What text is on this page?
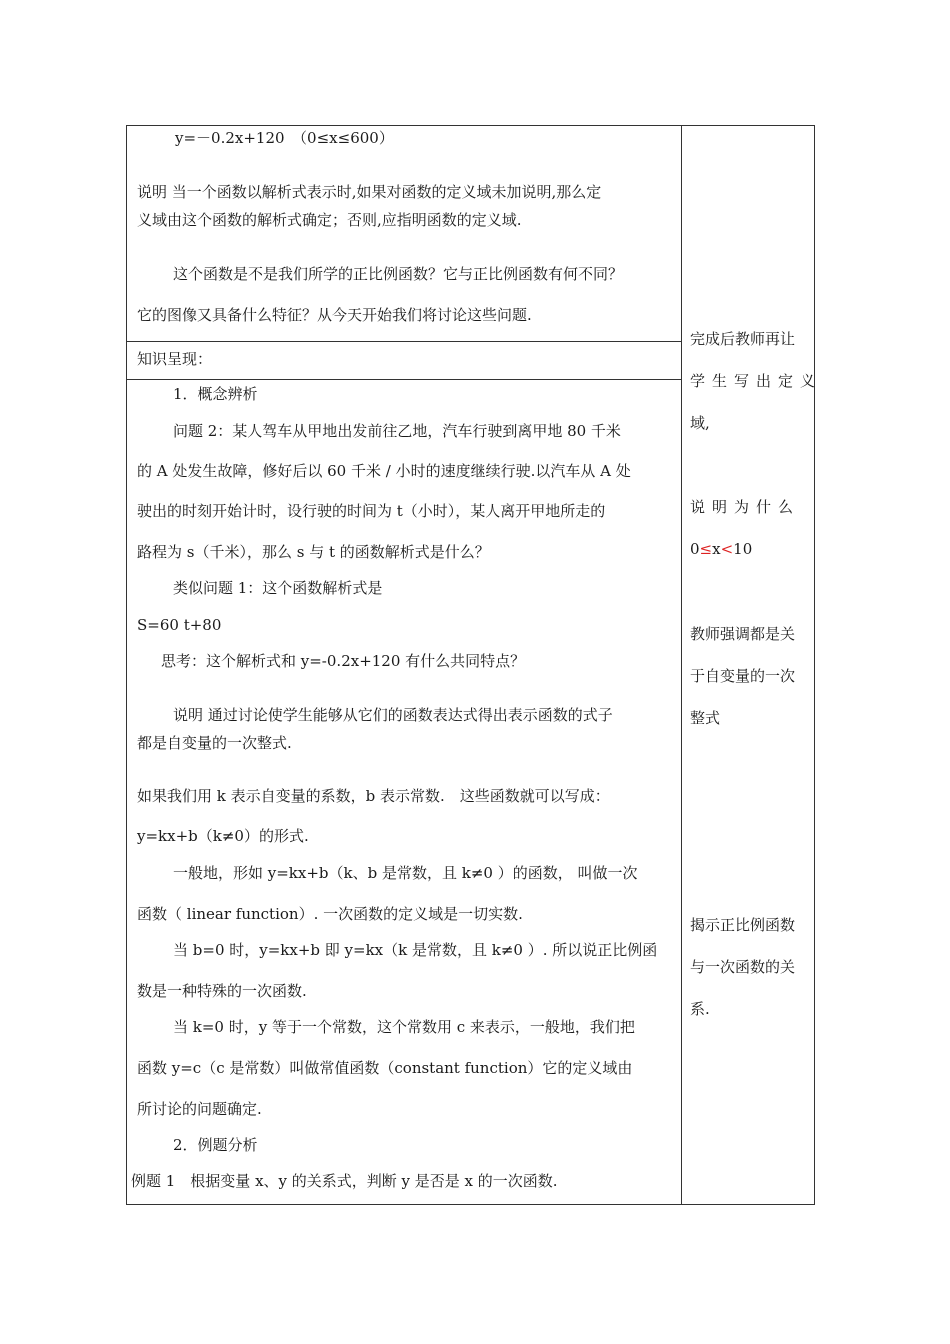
y=－0.2x+120　（0≤x≤600）
说明 当一个函数以解析式表示时,如果对函数的定义域未加说明,那么定
义域由这个函数的解析式确定；否则,应指明函数的定义域.
这个函数是不是我们所学的正比例函数？它与正比例函数有何不同？
它的图像又具备什么特征？从今天开始我们将讨论这些问题.
知识呈现：
1．概念辨析
问题 2：某人驾车从甲地出发前往乙地，汽车行驶到离甲地 80 千米
的 A 处发生故障，修好后以 60 千米 / 小时的速度继续行驶.以汽车从 A 处
驶出的时刻开始计时，设行驶的时间为 t（小时），某人离开甲地所走的
路程为 s（千米），那么 s 与 t 的函数解析式是什么？
类似问题 1：这个函数解析式是
S=60 t+80
思考：这个解析式和 y=-0.2x+120 有什么共同特点？
说明 通过讨论使学生能够从它们的函数表达式得出表示函数的式子
都是自变量的一次整式.
如果我们用 k 表示自变量的系数，b 表示常数.　这些函数就可以写成：
y=kx+b（k≠0）的形式.
一般地，形如 y=kx+b（k、b 是常数，且 k≠0 ）的函数， 叫做一次
函数（ linear function）. 一次函数的定义域是一切实数.
当 b=0 时，y=kx+b 即 y=kx（k 是常数，且 k≠0 ）. 所以说正比例函
数是一种特殊的一次函数.
当 k=0 时，y 等于一个常数，这个常数用 c 来表示，一般地，我们把
函数 y=c（c 是常数）叫做常值函数（constant function）它的定义域由
所讨论的问题确定.
2．例题分析
例题 1　根据变量 x、y 的关系式，判断 y 是否是 x 的一次函数.
完成后教师再让
学生写出定义
域,
说明为什么
0≤x<10
教师强调都是关
于自变量的一次
整式
揭示正比例函数
与一次函数的关
系.
